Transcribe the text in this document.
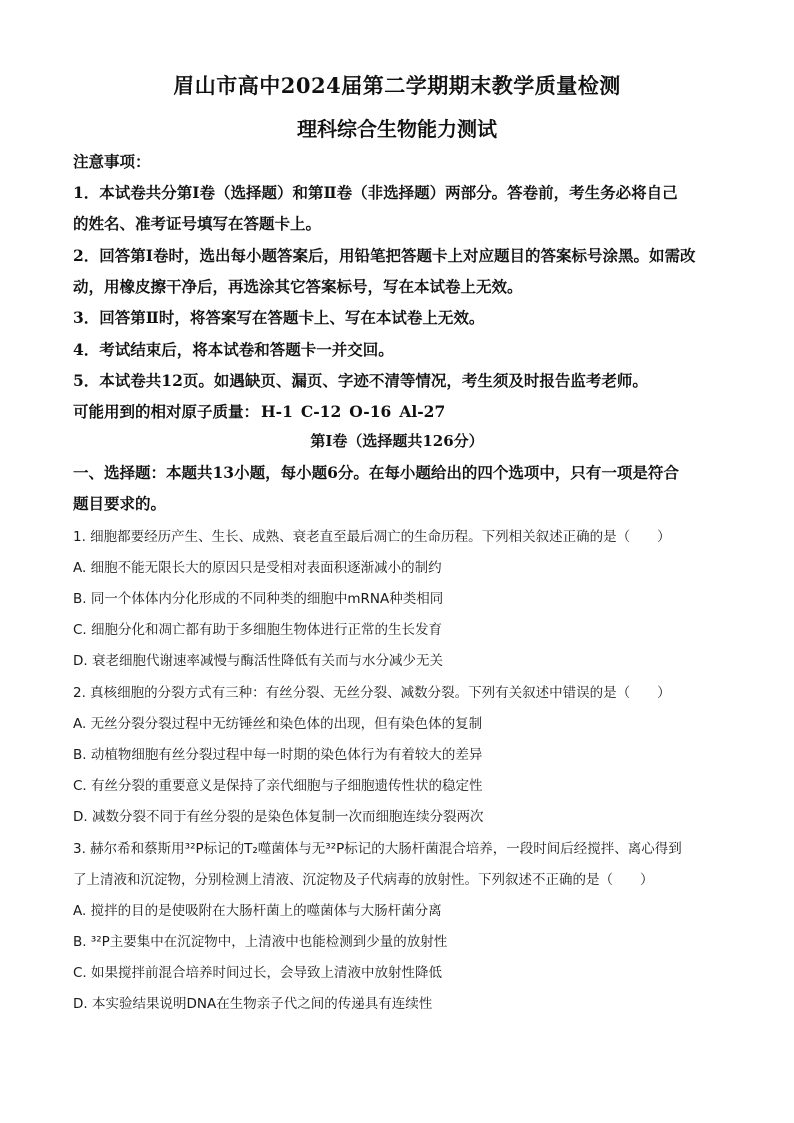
眉山市高中2024届第二学期期末教学质量检测
理科综合生物能力测试
注意事项：
1．本试卷共分第Ⅰ卷（选择题）和第Ⅱ卷（非选择题）两部分。答卷前，考生务必将自己
的姓名、准考证号填写在答题卡上。
2．回答第Ⅰ卷时，选出每小题答案后，用铅笔把答题卡上对应题目的答案标号涂黑。如需改
动，用橡皮擦干净后，再选涂其它答案标号，写在本试卷上无效。
3．回答第Ⅱ时，将答案写在答题卡上、写在本试卷上无效。
4．考试结束后，将本试卷和答题卡一并交回。
5．本试卷共12页。如遇缺页、漏页、字迹不清等情况，考生须及时报告监考老师。
可能用到的相对原子质量： H-1 C-12 O-16 Al-27
第Ⅰ卷（选择题共126分）
一、选择题：本题共13小题，每小题6分。在每小题给出的四个选项中，只有一项是符合
题目要求的。
1. 细胞都要经历产生、生长、成熟、衰老直至最后凋亡的生命历程。下列相关叙述正确的是（　　）
A. 细胞不能无限长大的原因只是受相对表面积逐渐减小的制约
B. 同一个体体内分化形成的不同种类的细胞中mRNA种类相同
C. 细胞分化和凋亡都有助于多细胞生物体进行正常的生长发育
D. 衰老细胞代谢速率减慢与酶活性降低有关而与水分减少无关
2. 真核细胞的分裂方式有三种：有丝分裂、无丝分裂、减数分裂。下列有关叙述中错误的是（　　）
A. 无丝分裂分裂过程中无纺锤丝和染色体的出现，但有染色体的复制
B. 动植物细胞有丝分裂过程中每一时期的染色体行为有着较大的差异
C. 有丝分裂的重要意义是保持了亲代细胞与子细胞遗传性状的稳定性
D. 减数分裂不同于有丝分裂的是染色体复制一次而细胞连续分裂两次
3. 赫尔希和蔡斯用³²P标记的T₂噬菌体与无³²P标记的大肠杆菌混合培养，一段时间后经搅拌、离心得到
了上清液和沉淀物，分别检测上清液、沉淀物及子代病毒的放射性。下列叙述不正确的是（　　）
A. 搅拌的目的是使吸附在大肠杆菌上的噬菌体与大肠杆菌分离
B. ³²P主要集中在沉淀物中，上清液中也能检测到少量的放射性
C. 如果搅拌前混合培养时间过长，会导致上清液中放射性降低
D. 本实验结果说明DNA在生物亲子代之间的传递具有连续性
